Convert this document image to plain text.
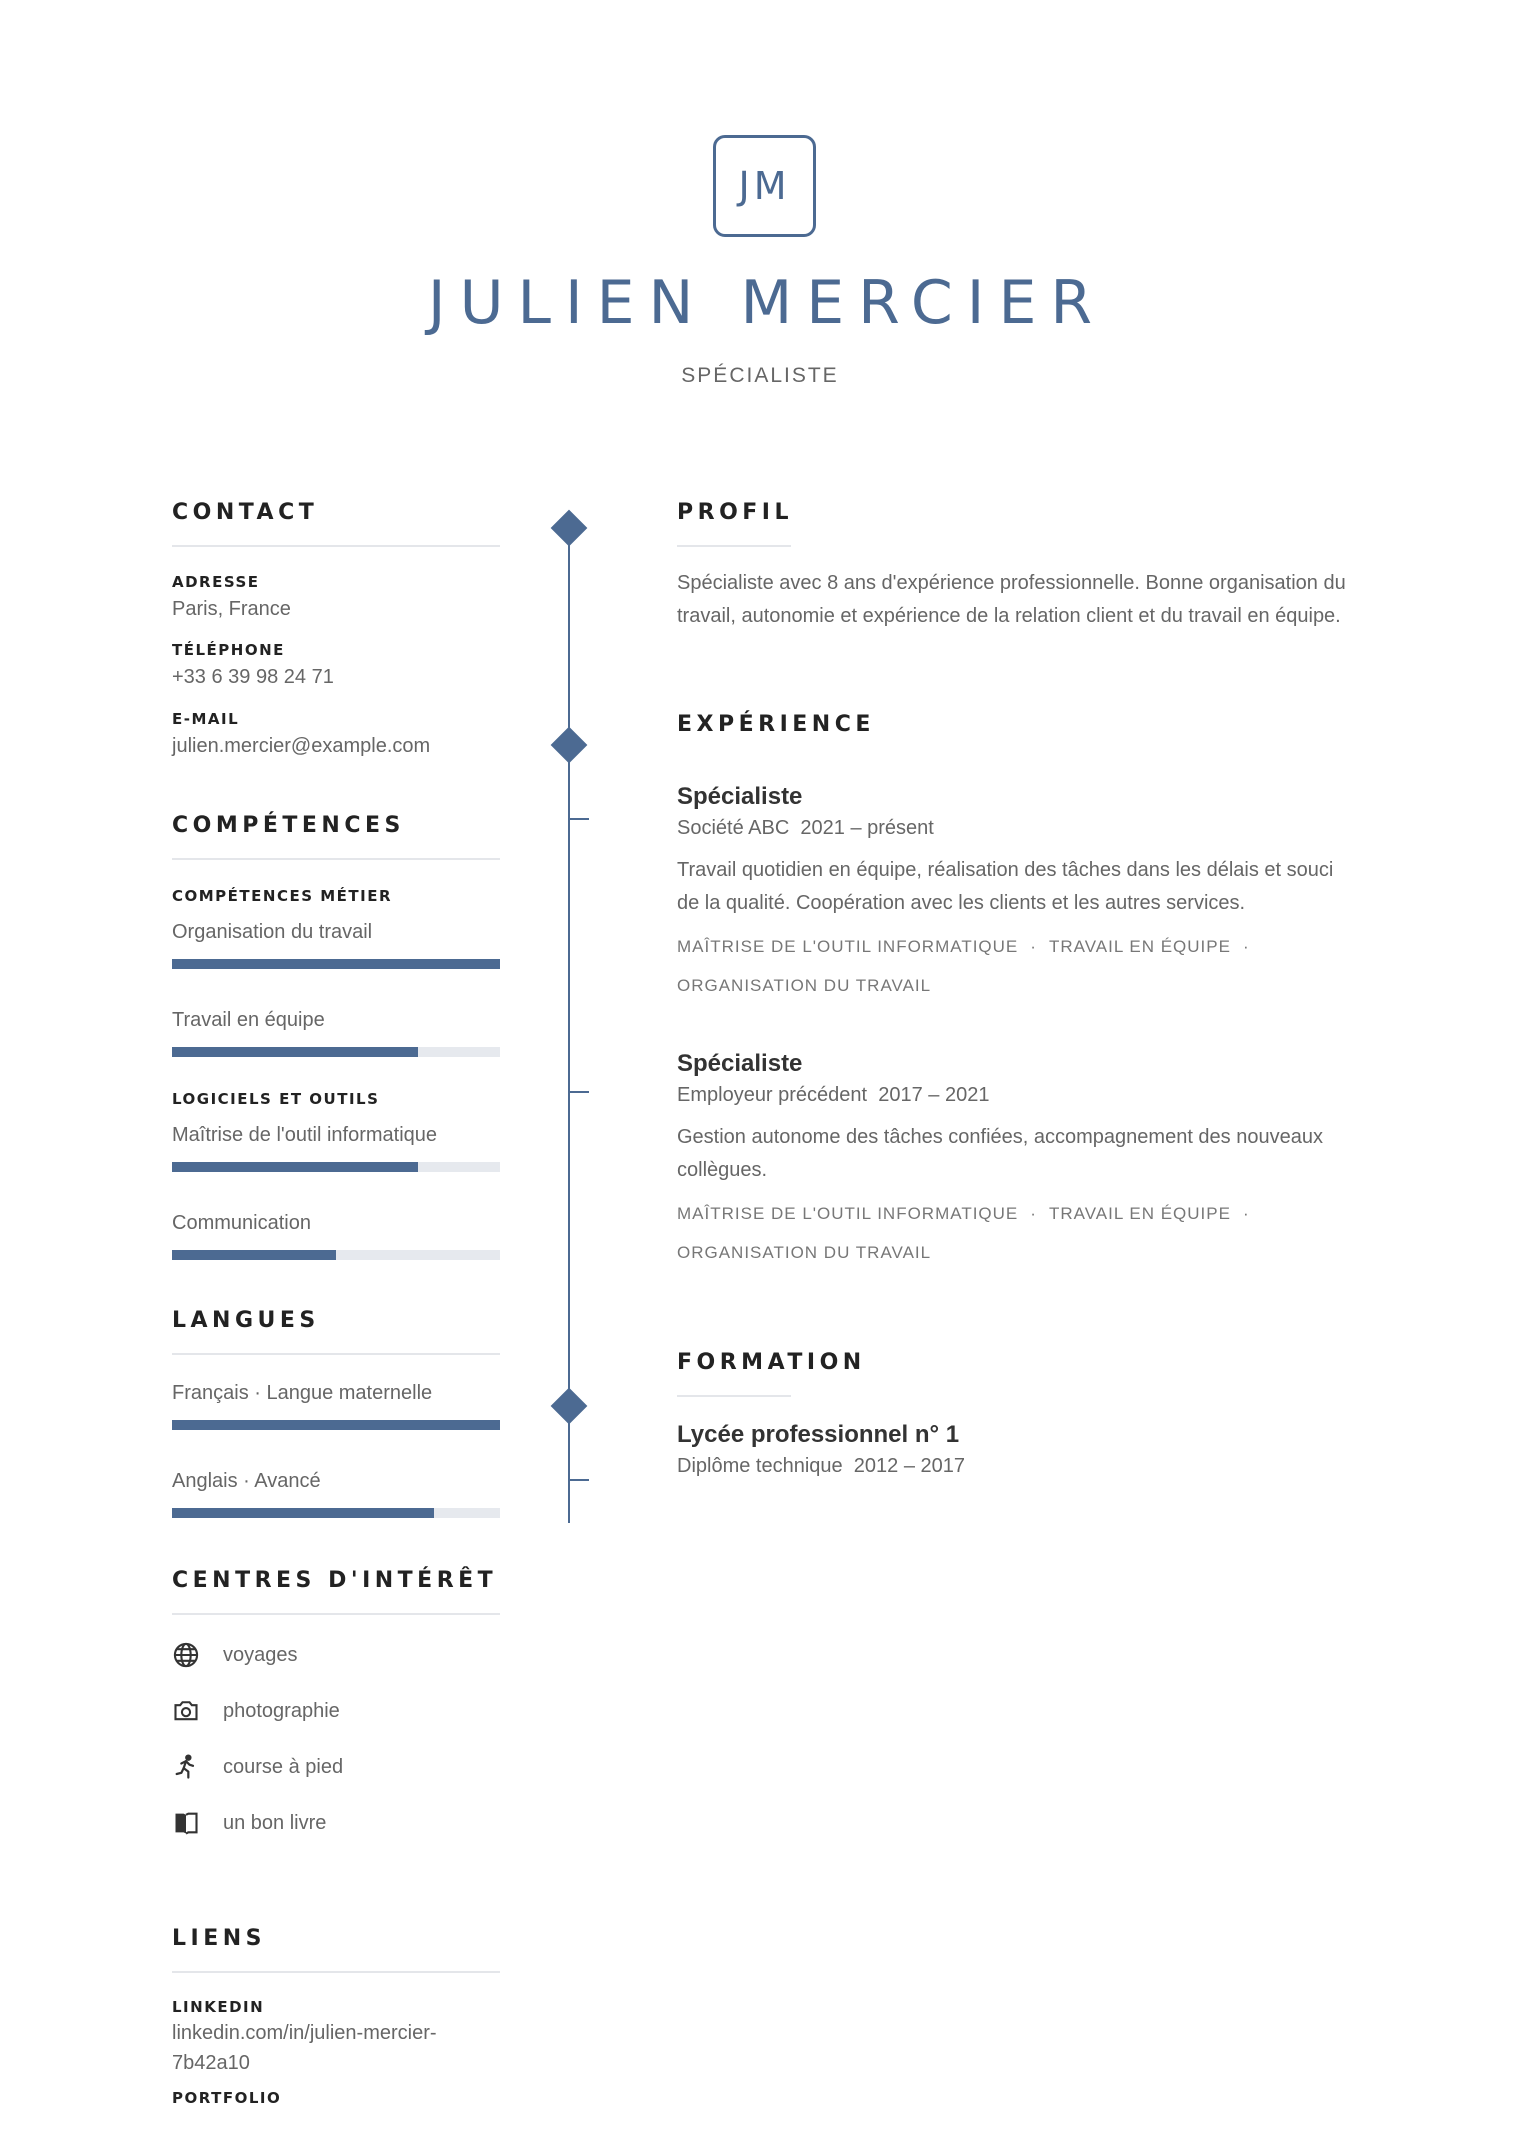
JM
JULIEN MERCIER
SPÉCIALISTE
CONTACT
ADRESSE
Paris, France
TÉLÉPHONE
+33 6 39 98 24 71
E-MAIL
julien.mercier@example.com
COMPÉTENCES
COMPÉTENCES MÉTIER
Organisation du travail
Travail en équipe
LOGICIELS ET OUTILS
Maîtrise de l'outil informatique
Communication
LANGUES
Français · Langue maternelle
Anglais · Avancé
CENTRES D'INTÉRÊT
voyages
photographie
course à pied
un bon livre
LIENS
LINKEDIN
linkedin.com/in/julien-mercier-
7b42a10
PORTFOLIO
PROFIL
Spécialiste avec 8 ans d'expérience professionnelle. Bonne organisation du travail, autonomie et expérience de la relation client et du travail en équipe.
EXPÉRIENCE
Spécialiste
Société ABC 2021 – présent
Travail quotidien en équipe, réalisation des tâches dans les délais et souci de la qualité. Coopération avec les clients et les autres services.
MAÎTRISE DE L'OUTIL INFORMATIQUE · TRAVAIL EN ÉQUIPE ·
ORGANISATION DU TRAVAIL
Spécialiste
Employeur précédent 2017 – 2021
Gestion autonome des tâches confiées, accompagnement des nouveaux collègues.
MAÎTRISE DE L'OUTIL INFORMATIQUE · TRAVAIL EN ÉQUIPE ·
ORGANISATION DU TRAVAIL
FORMATION
Lycée professionnel n° 1
Diplôme technique 2012 – 2017
